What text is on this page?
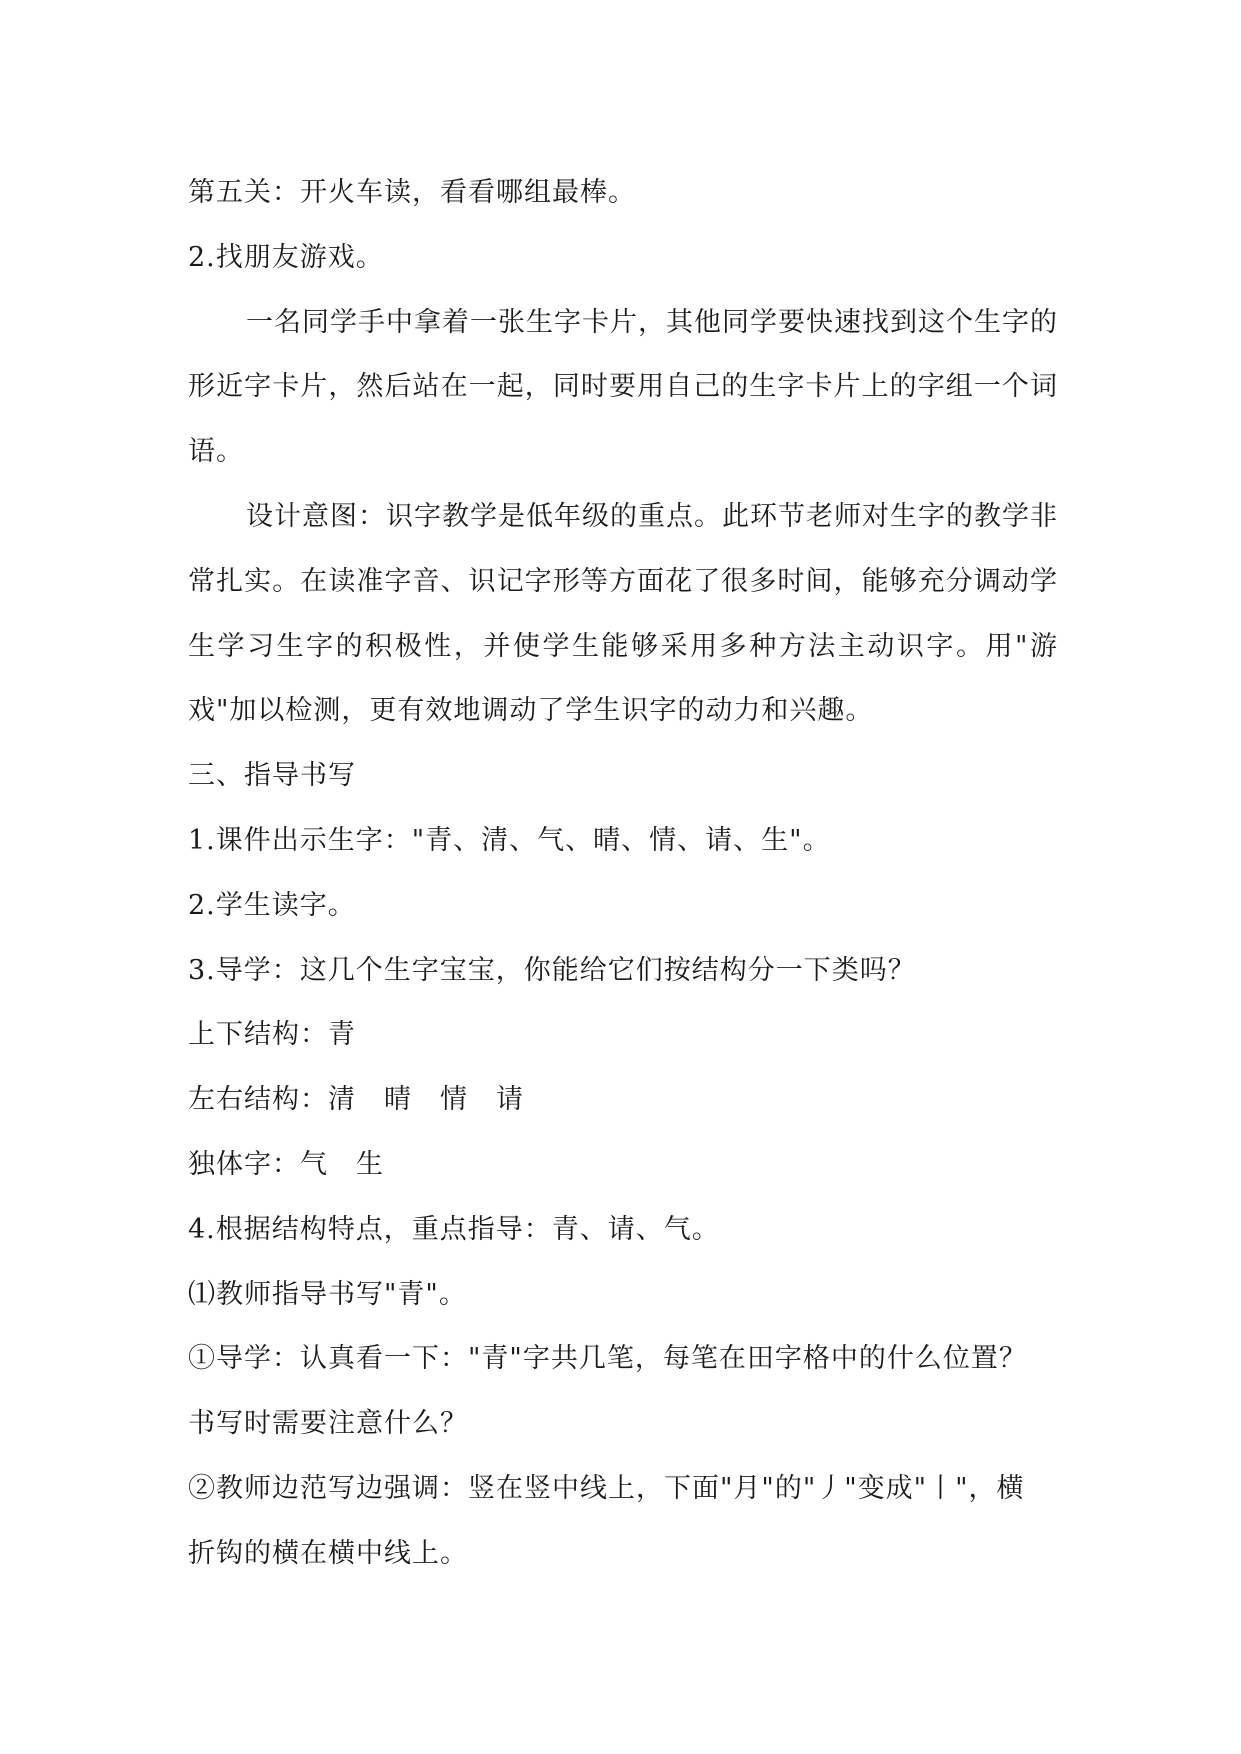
第五关：开火车读，看看哪组最棒。
2.找朋友游戏。
一名同学手中拿着一张生字卡片，其他同学要快速找到这个生字的形近字卡片，然后站在一起，同时要用自己的生字卡片上的字组一个词语。
设计意图：识字教学是低年级的重点。此环节老师对生字的教学非常扎实。在读准字音、识记字形等方面花了很多时间，能够充分调动学生学习生字的积极性，并使学生能够采用多种方法主动识字。用"游戏"加以检测，更有效地调动了学生识字的动力和兴趣。
三、指导书写
1.课件出示生字："青、清、气、晴、情、请、生"。
2.学生读字。
3.导学：这几个生字宝宝，你能给它们按结构分一下类吗？
上下结构：青
左右结构：清　晴　情　请
独体字：气　生
4.根据结构特点，重点指导：青、请、气。
⑴教师指导书写"青"。
①导学：认真看一下："青"字共几笔，每笔在田字格中的什么位置？
书写时需要注意什么？
②教师边范写边强调：竖在竖中线上，下面"月"的"丿"变成"丨"，横
折钩的横在横中线上。
